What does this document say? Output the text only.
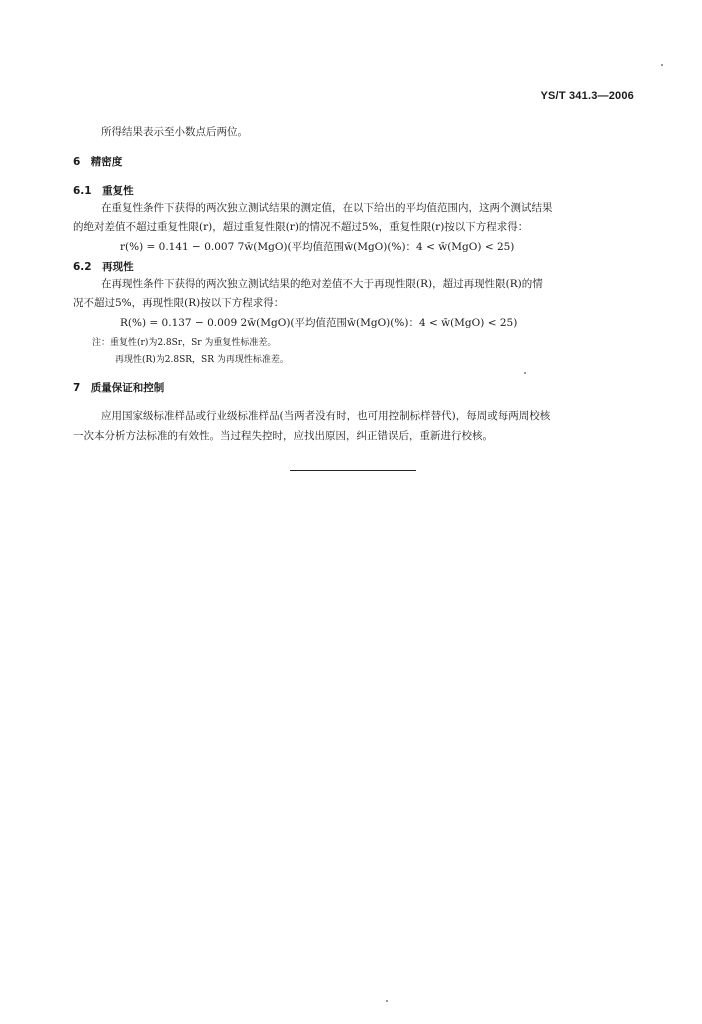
YS/T 341.3—2006
所得结果表示至小数点后两位。
6　精密度
6.1　重复性
在重复性条件下获得的两次独立测试结果的测定值，在以下给出的平均值范围内，这两个测试结果
的绝对差值不超过重复性限(r)，超过重复性限(r)的情况不超过5%，重复性限(r)按以下方程求得：
r(%) = 0.141 − 0.007 7w̄(MgO)(平均值范围w̄(MgO)(%)：4 < w̄(MgO) < 25)
6.2　再现性
在再现性条件下获得的两次独立测试结果的绝对差值不大于再现性限(R)，超过再现性限(R)的情
况不超过5%，再现性限(R)按以下方程求得：
R(%) = 0.137 − 0.009 2w̄(MgO)(平均值范围w̄(MgO)(%)：4 < w̄(MgO) < 25)
注：重复性(r)为2.8Sr，Sr 为重复性标准差。
再现性(R)为2.8SR，SR 为再现性标准差。
7　质量保证和控制
应用国家级标准样品或行业级标准样品(当两者没有时，也可用控制标样替代)，每周或每两周校核
一次本分析方法标准的有效性。当过程失控时，应找出原因，纠正错误后，重新进行校核。
